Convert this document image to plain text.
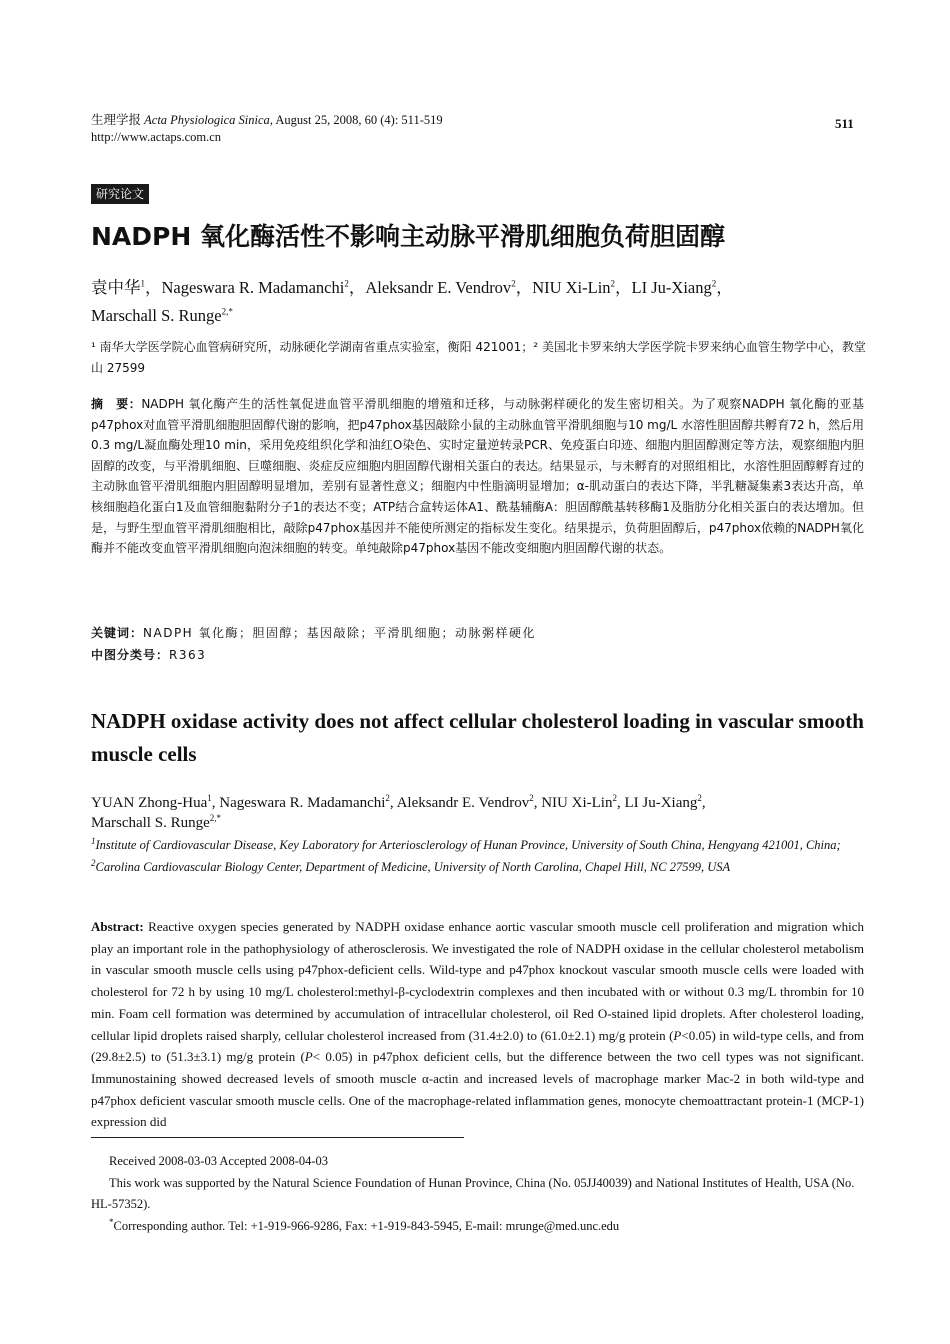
生理学报 Acta Physiologica Sinica, August 25, 2008, 60 (4): 511-519
http://www.actaps.com.cn
511
研究论文
NADPH 氧化酶活性不影响主动脉平滑肌细胞负荷胆固醇
袁中华$^1$，Nageswara R. Madamanchi$^2$，Aleksandr E. Vendrov$^2$，NIU Xi-Lin$^2$，LI Ju-Xiang$^2$，
Marschall S. Runge$^{2,*}$
¹ 南华大学医学院心血管病研究所，动脉硬化学湖南省重点实验室，衡阳 421001；² 美国北卡罗来纳大学医学院卡罗来纳心血管生物学中心，教堂山 27599
摘　要：NADPH 氧化酶产生的活性氧促进血管平滑肌细胞的增殖和迁移，与动脉粥样硬化的发生密切相关。为了观察NADPH 氧化酶的亚基p47phox对血管平滑肌细胞胆固醇代谢的影响，把p47phox基因敲除小鼠的主动脉血管平滑肌细胞与10 mg/L 水溶性胆固醇共孵育72 h，然后用0.3 mg/L凝血酶处理10 min，采用免疫组织化学和油红O染色、实时定量逆转录PCR、免疫蛋白印迹、细胞内胆固醇测定等方法，观察细胞内胆固醇的改变，与平滑肌细胞、巨噬细胞、炎症反应细胞内胆固醇代谢相关蛋白的表达。结果显示，与未孵育的对照组相比，水溶性胆固醇孵育过的主动脉血管平滑肌细胞内胆固醇明显增加，差别有显著性意义；细胞内中性脂滴明显增加；α-肌动蛋白的表达下降，半乳糖凝集素3表达升高，单核细胞趋化蛋白1及血管细胞黏附分子1的表达不变；ATP结合盒转运体A1、酰基辅酶A：胆固醇酰基转移酶1及脂肪分化相关蛋白的表达增加。但是，与野生型血管平滑肌细胞相比，敲除p47phox基因并不能使所测定的指标发生变化。结果提示，负荷胆固醇后，p47phox依赖的NADPH氧化酶并不能改变血管平滑肌细胞向泡沫细胞的转变。单纯敲除p47phox基因不能改变细胞内胆固醇代谢的状态。
关键词：NADPH 氧化酶；胆固醇；基因敲除；平滑肌细胞；动脉粥样硬化
中图分类号：R363
NADPH oxidase activity does not affect cellular cholesterol loading in vascular smooth muscle cells
YUAN Zhong-Hua$^1$, Nageswara R. Madamanchi$^2$, Aleksandr E. Vendrov$^2$, NIU Xi-Lin$^2$, LI Ju-Xiang$^2$,
Marschall S. Runge$^{2,*}$
$^1$Institute of Cardiovascular Disease, Key Laboratory for Arteriosclerology of Hunan Province, University of South China, Hengyang 421001, China; $^2$Carolina Cardiovascular Biology Center, Department of Medicine, University of North Carolina, Chapel Hill, NC 27599, USA
Abstract: Reactive oxygen species generated by NADPH oxidase enhance aortic vascular smooth muscle cell proliferation and migration which play an important role in the pathophysiology of atherosclerosis. We investigated the role of NADPH oxidase in the cellular cholesterol metabolism in vascular smooth muscle cells using p47phox-deficient cells. Wild-type and p47phox knockout vascular smooth muscle cells were loaded with cholesterol for 72 h by using 10 mg/L cholesterol:methyl-β-cyclodextrin complexes and then incubated with or without 0.3 mg/L thrombin for 10 min. Foam cell formation was determined by accumulation of intracellular cholesterol, oil Red O-stained lipid droplets. After cholesterol loading, cellular lipid droplets raised sharply, cellular cholesterol increased from (31.4±2.0) to (61.0±2.1) mg/g protein (P<0.05) in wild-type cells, and from (29.8±2.5) to (51.3±3.1) mg/g protein (P< 0.05) in p47phox deficient cells, but the difference between the two cell types was not significant. Immunostaining showed decreased levels of smooth muscle α-actin and increased levels of macrophage marker Mac-2 in both wild-type and p47phox deficient vascular smooth muscle cells. One of the macrophage-related inflammation genes, monocyte chemoattractant protein-1 (MCP-1) expression did

Received 2008-03-03 Accepted 2008-04-03

This work was supported by the Natural Science Foundation of Hunan Province, China (No. 05JJ40039) and National Institutes of Health, USA (No. HL-57352).

*Corresponding author. Tel: +1-919-966-9286, Fax: +1-919-843-5945, E-mail: mrunge@med.unc.edu
